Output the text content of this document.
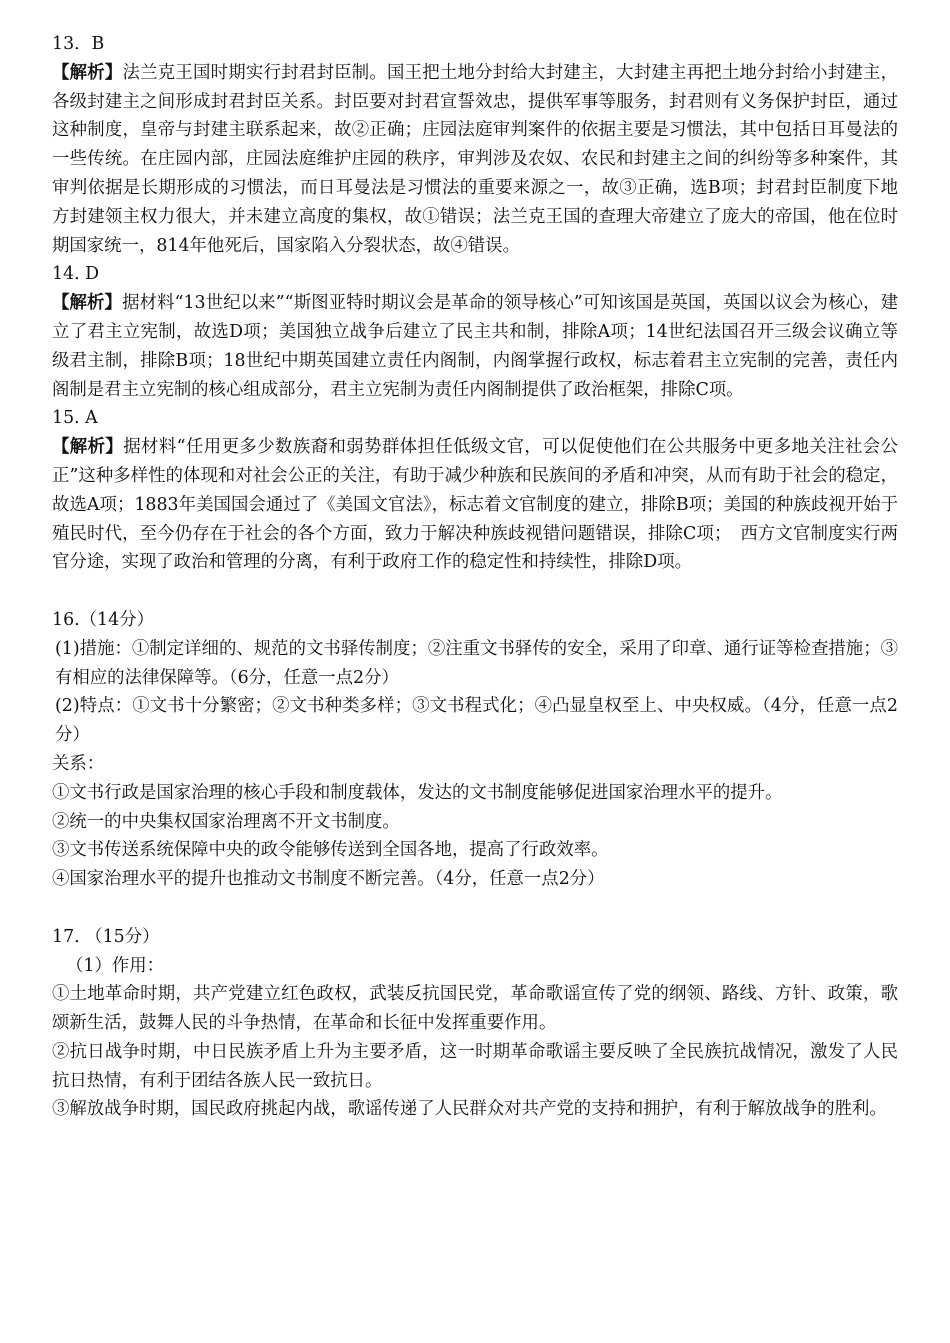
13．B

【解析】法兰克王国时期实行封君封臣制。国王把土地分封给大封建主，大封建主再把土地分封给小封建主，各级封建主之间形成封君封臣关系。封臣要对封君宣誓效忠，提供军事等服务，封君则有义务保护封臣，通过这种制度，皇帝与封建主联系起来，故②正确；庄园法庭审判案件的依据主要是习惯法，其中包括日耳曼法的一些传统。在庄园内部，庄园法庭维护庄园的秩序，审判涉及农奴、农民和封建主之间的纠纷等多种案件，其审判依据是长期形成的习惯法，而日耳曼法是习惯法的重要来源之一，故③正确，选B项；封君封臣制度下地方封建领主权力很大，并未建立高度的集权，故①错误；法兰克王国的查理大帝建立了庞大的帝国，他在位时期国家统一，814年他死后，国家陷入分裂状态，故④错误。

14. D

【解析】据材料“13世纪以来”“斯图亚特时期议会是革命的领导核心”可知该国是英国，英国以议会为核心，建立了君主立宪制，故选D项；美国独立战争后建立了民主共和制，排除A项；14世纪法国召开三级会议确立等级君主制，排除B项；18世纪中期英国建立责任内阁制，内阁掌握行政权，标志着君主立宪制的完善，责任内阁制是君主立宪制的核心组成部分，君主立宪制为责任内阁制提供了政治框架，排除C项。

15. A

【解析】据材料“任用更多少数族裔和弱势群体担任低级文官，可以促使他们在公共服务中更多地关注社会公正”这种多样性的体现和对社会公正的关注，有助于减少种族和民族间的矛盾和冲突，从而有助于社会的稳定，故选A项；1883年美国国会通过了《美国文官法》，标志着文官制度的建立，排除B项；美国的种族歧视开始于殖民时代，至今仍存在于社会的各个方面，致力于解决种族歧视错问题错误，排除C项；　西方文官制度实行两官分途，实现了政治和管理的分离，有利于政府工作的稳定性和持续性，排除D项。

16.（14分）

(1)措施：①制定详细的、规范的文书驿传制度；②注重文书驿传的安全，采用了印章、通行证等检查措施；③有相应的法律保障等。（6分，任意一点2分）

(2)特点：①文书十分繁密；②文书种类多样；③文书程式化；④凸显皇权至上、中央权威。（4分，任意一点2分）

关系：

①文书行政是国家治理的核心手段和制度载体，发达的文书制度能够促进国家治理水平的提升。

②统一的中央集权国家治理离不开文书制度。

③文书传送系统保障中央的政令能够传送到全国各地，提高了行政效率。

④国家治理水平的提升也推动文书制度不断完善。（4分，任意一点2分）

17. （15分）

（1）作用：

①土地革命时期，共产党建立红色政权，武装反抗国民党，革命歌谣宣传了党的纲领、路线、方针、政策，歌颂新生活，鼓舞人民的斗争热情，在革命和长征中发挥重要作用。

②抗日战争时期，中日民族矛盾上升为主要矛盾，这一时期革命歌谣主要反映了全民族抗战情况，激发了人民抗日热情，有利于团结各族人民一致抗日。

③解放战争时期，国民政府挑起内战，歌谣传递了人民群众对共产党的支持和拥护，有利于解放战争的胜利。
